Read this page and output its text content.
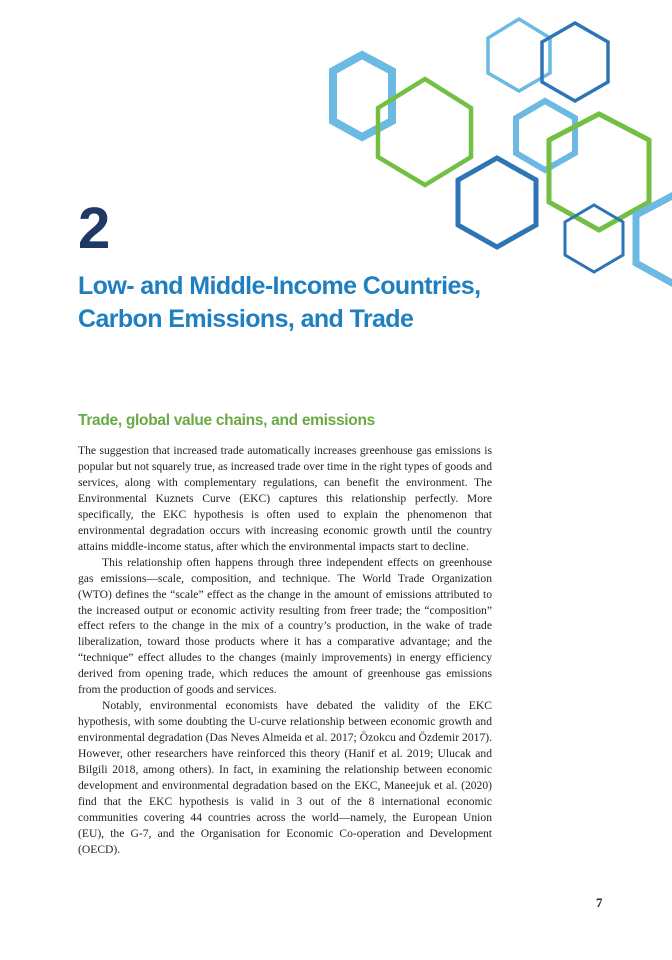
2
Low- and Middle-Income Countries,
Carbon Emissions, and Trade
Trade, global value chains, and emissions

The suggestion that increased trade automatically increases greenhouse gas emissions is popular but not squarely true, as increased trade over time in the right types of goods and services, along with complementary regulations, can benefit the environment. The Environmental Kuznets Curve (EKC) captures this relationship perfectly. More specifically, the EKC hypothesis is often used to explain the phenomenon that environmental degradation occurs with increasing economic growth until the country attains middle-income status, after which the environmental impacts start to decline.

This relationship often happens through three independent effects on greenhouse gas emissions—scale, composition, and technique. The World Trade Organization (WTO) defines the “scale” effect as the change in the amount of emissions attributed to the increased output or economic activity resulting from freer trade; the “composition” effect refers to the change in the mix of a country’s production, in the wake of trade liberalization, toward those products where it has a comparative advantage; and the “technique” effect alludes to the changes (mainly improvements) in energy efficiency derived from opening trade, which reduces the amount of greenhouse gas emissions from the production of goods and services.

Notably, environmental economists have debated the validity of the EKC hypothesis, with some doubting the U-curve relationship between economic growth and environmental degradation (Das Neves Almeida et al. 2017; Özokcu and Özdemir 2017). However, other researchers have reinforced this theory (Hanif et al. 2019; Ulucak and Bilgili 2018, among others). In fact, in examining the relationship between economic development and environmental degradation based on the EKC, Maneejuk et al. (2020) find that the EKC hypothesis is valid in 3 out of the 8 international economic communities covering 44 countries across the world—namely, the European Union (EU), the G-7, and the Organisation for Economic Co-operation and Development (OECD).

7
